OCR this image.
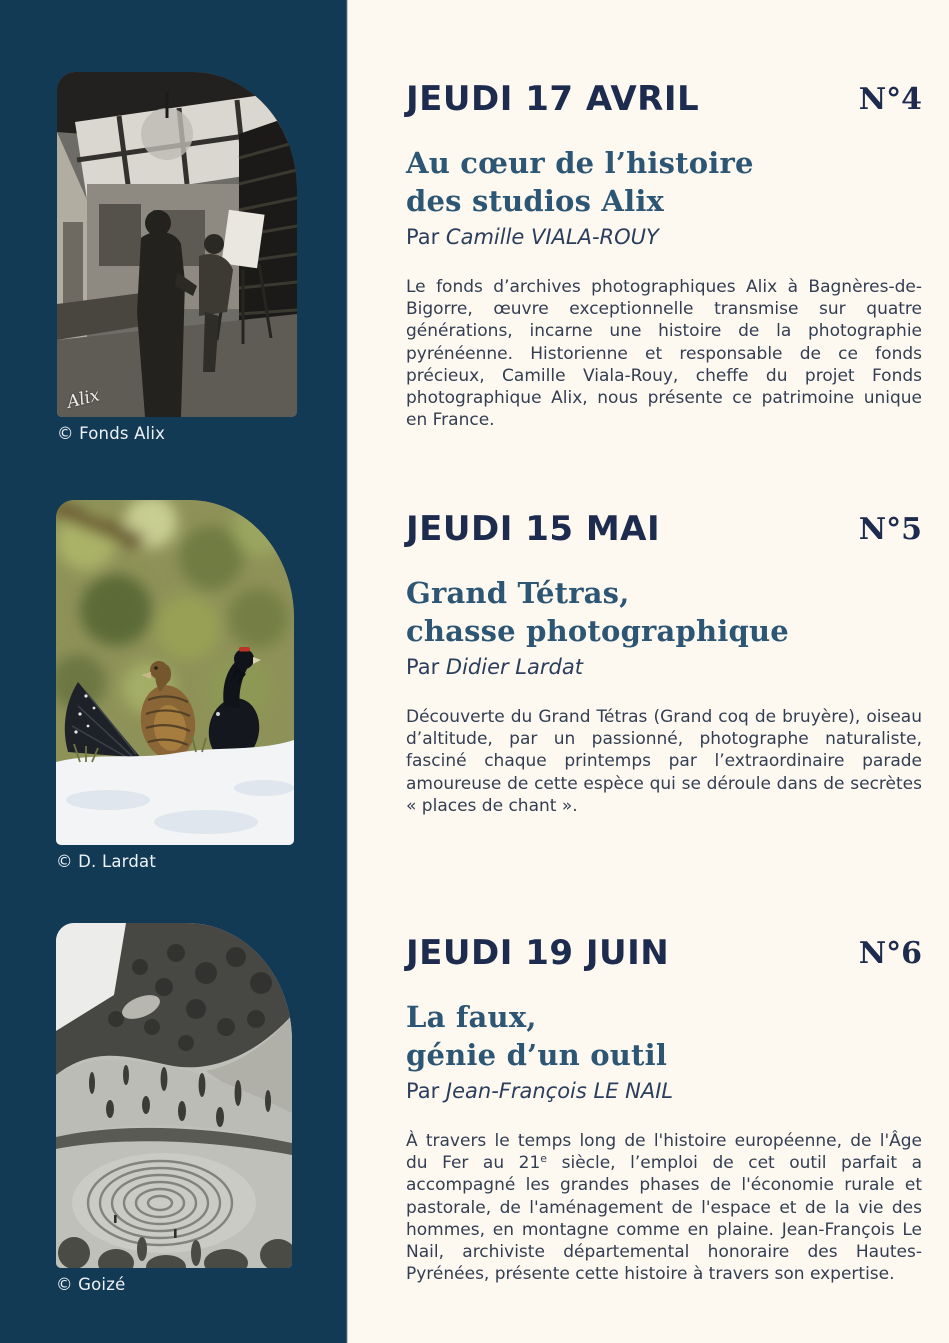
Alix
© Fonds Alix
© D. Lardat
© Goizé
JEUDI 17 AVRIL	N°4
Au cœur de l’histoire
des studios Alix

Par Camille VIALA-ROUY

Le fonds d’archives photographiques Alix à Bagnères-de-Bigorre, œuvre exceptionnelle transmise sur quatre générations, incarne une histoire de la photographie pyrénéenne. Historienne et responsable de ce fonds précieux, Camille Viala-Rouy, cheffe du projet Fonds photographique Alix, nous présente ce patrimoine unique en France.

JEUDI 15 MAI	N°5
Grand Tétras,
chasse photographique

Par Didier Lardat

Découverte du Grand Tétras (Grand coq de bruyère), oiseau d’altitude, par un passionné, photographe naturaliste, fasciné chaque printemps par l’extraordinaire parade amoureuse de cette espèce qui se déroule dans de secrètes « places de chant ».

JEUDI 19 JUIN	N°6
La faux,
génie d’un outil

Par Jean-François LE NAIL

À travers le temps long de l'histoire européenne, de l'Âge du Fer au 21e siècle, l’emploi de cet outil parfait a accompagné les grandes phases de l'économie rurale et pastorale, de l'aménagement de l'espace et de la vie des hommes, en montagne comme en plaine. Jean-François Le Nail, archiviste départemental honoraire des Hautes-Pyrénées, présente cette histoire à travers son expertise.
